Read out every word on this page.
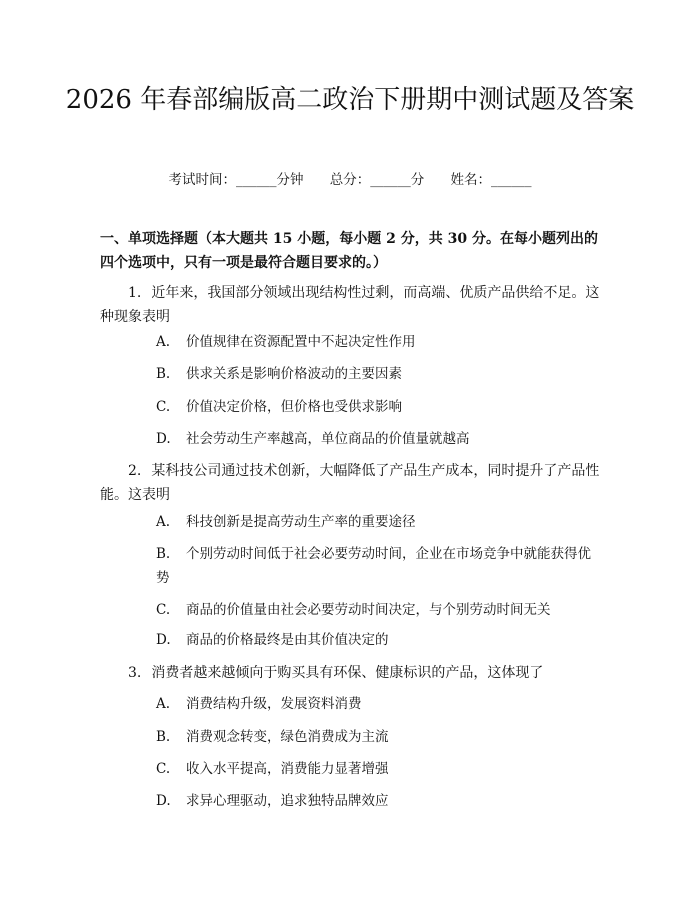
2026 年春部编版高二政治下册期中测试题及答案
考试时间：______分钟 总分：______分 姓名：______
一、单项选择题（本大题共 15 小题，每小题 2 分，共 30 分。在每小题列出的四个选项中，只有一项是最符合题目要求的。）
1. 近年来，我国部分领域出现结构性过剩，而高端、优质产品供给不足。这种现象表明
A. 价值规律在资源配置中不起决定性作用
B. 供求关系是影响价格波动的主要因素
C. 价值决定价格，但价格也受供求影响
D. 社会劳动生产率越高，单位商品的价值量就越高
2. 某科技公司通过技术创新，大幅降低了产品生产成本，同时提升了产品性能。这表明
A. 科技创新是提高劳动生产率的重要途径
B. 个别劳动时间低于社会必要劳动时间，企业在市场竞争中就能获得优势
C. 商品的价值量由社会必要劳动时间决定，与个别劳动时间无关
D. 商品的价格最终是由其价值决定的
3. 消费者越来越倾向于购买具有环保、健康标识的产品，这体现了
A. 消费结构升级，发展资料消费
B. 消费观念转变，绿色消费成为主流
C. 收入水平提高，消费能力显著增强
D. 求异心理驱动，追求独特品牌效应
